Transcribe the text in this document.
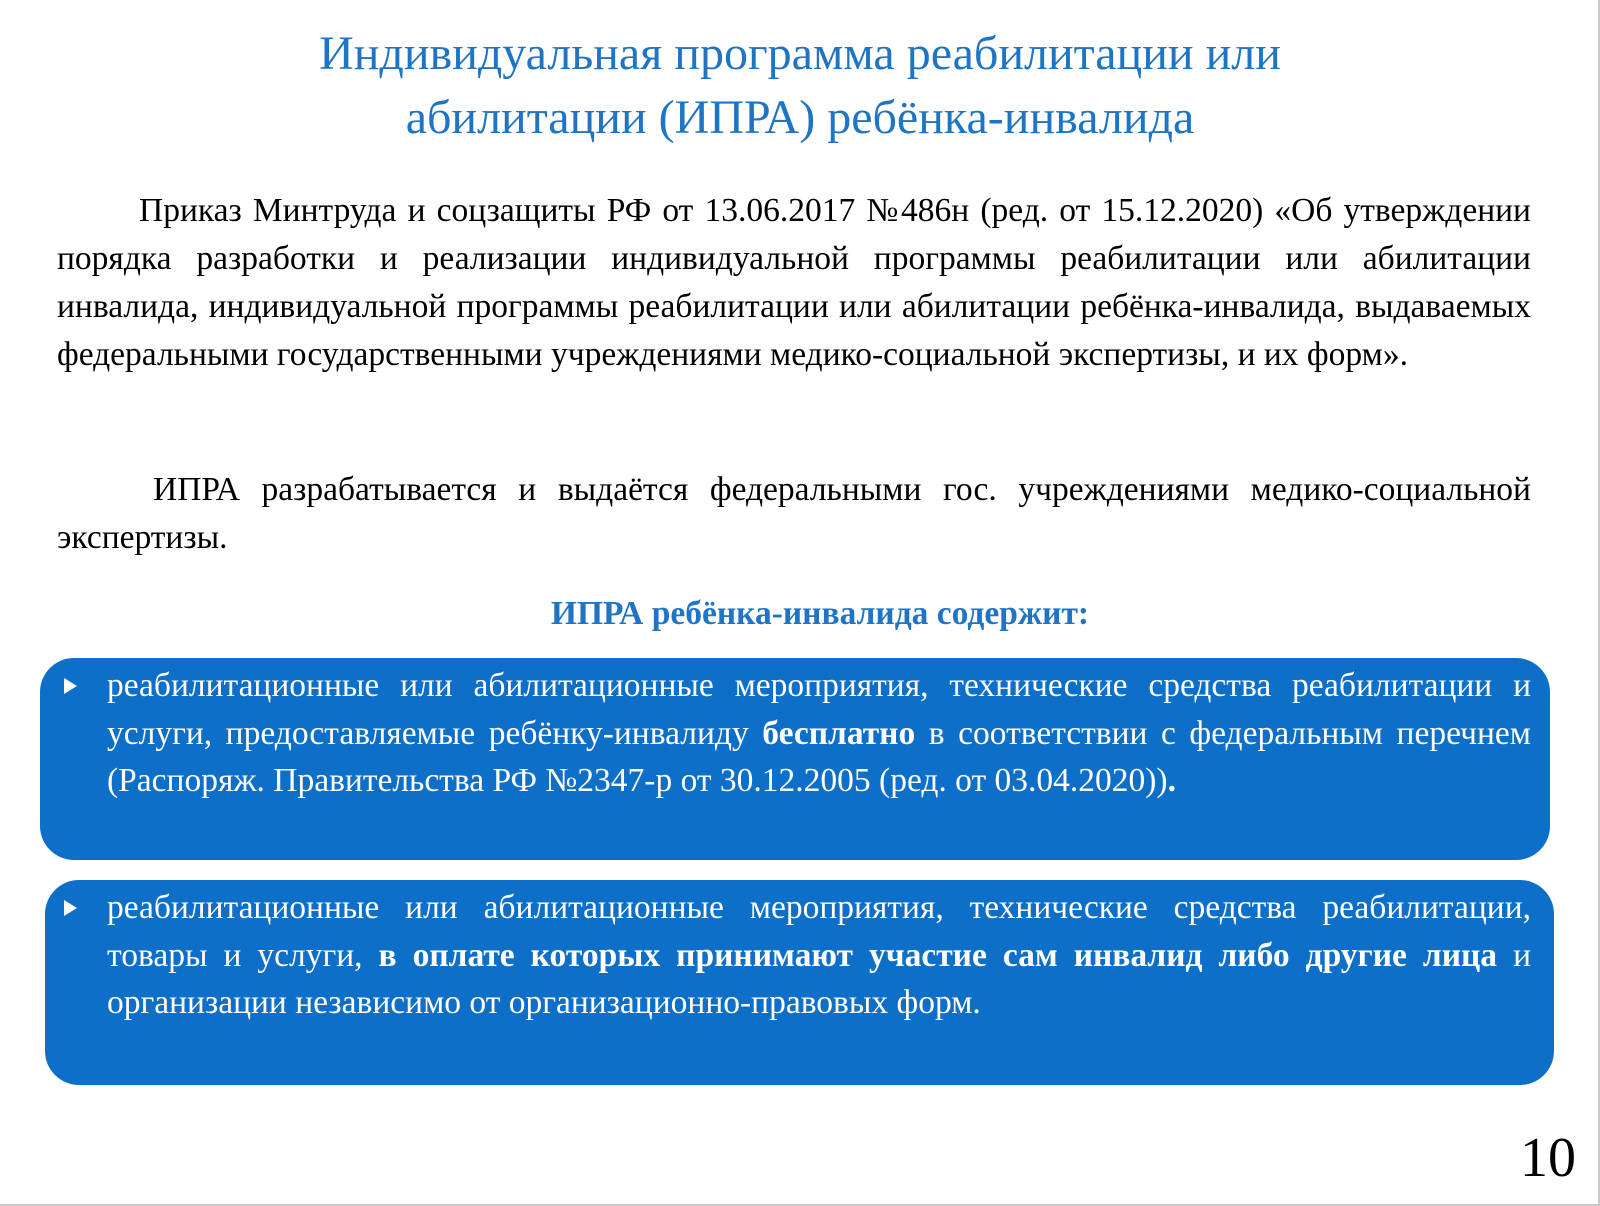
Индивидуальная программа реабилитации или
абилитации (ИПРА) ребёнка-инвалида

Приказ Минтруда и соцзащиты РФ от 13.06.2017 №486н (ред. от 15.12.2020) «Об утверждении порядка разработки и реализации индивидуальной программы реабилитации или абилитации инвалида, индивидуальной программы реабилитации или абилитации ребёнка-инвалида, выдаваемых федеральными государственными учреждениями медико-социальной экспертизы, и их форм».

ИПРА разрабатывается и выдаётся федеральными гос. учреждениями медико-социальной экспертизы.

ИПРА ребёнка-инвалида содержит:
реабилитационные или абилитационные мероприятия, технические средства реабилитации и услуги, предоставляемые ребёнку-инвалиду бесплатно в соответствии с федеральным перечнем (Распоряж. Правительства РФ №2347-р от 30.12.2005 (ред. от 03.04.2020)).
реабилитационные или абилитационные мероприятия, технические средства реабилитации, товары и услуги, в оплате которых принимают участие сам инвалид либо другие лица и организации независимо от организационно-правовых форм.
10
